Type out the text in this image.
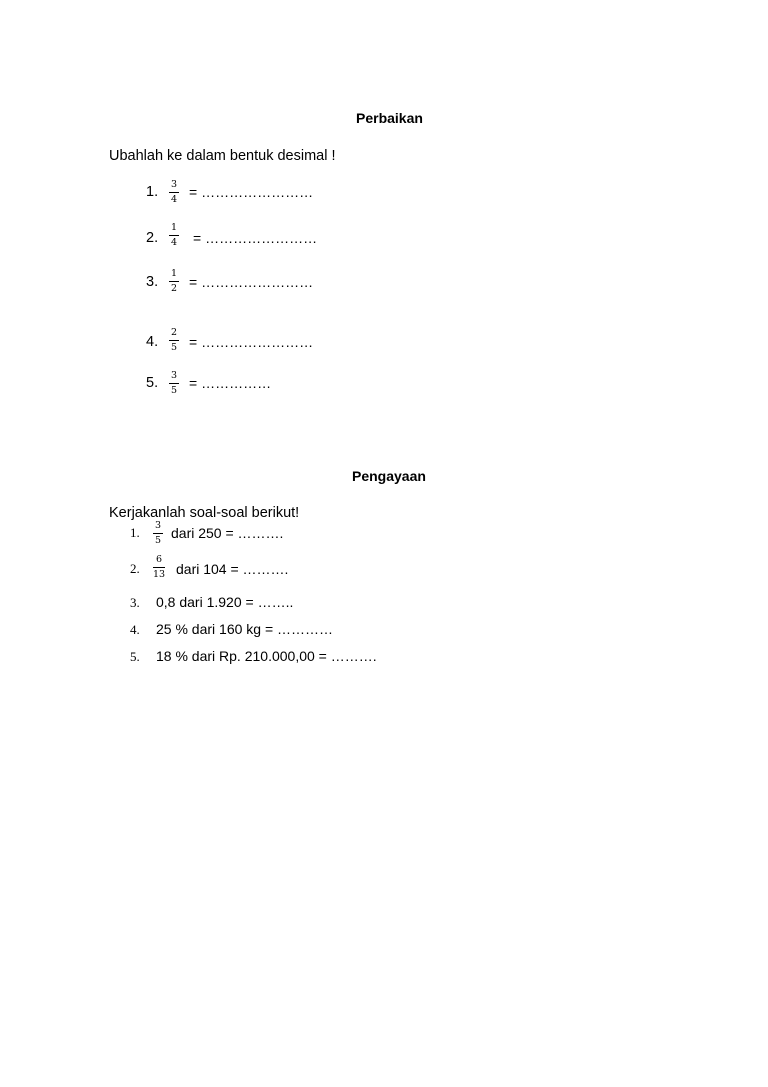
Perbaikan
Ubahlah ke dalam bentuk desimal !
1. 3
4 = ……………………
2.
1
4 = ……………………
3.
1
2 = ……………………
4.
2
5 = ……………………
5. 3
5 = ……………
Pengayaan
Kerjakanlah soal-soal berikut!
1. 3
5 dari 250 = ……….
2.
6
13 dari 104 = ……….
3. 0,8 dari 1.920 = ……..
4. 25 % dari 160 kg = …………
5. 18 % dari Rp. 210.000,00 = ……….
